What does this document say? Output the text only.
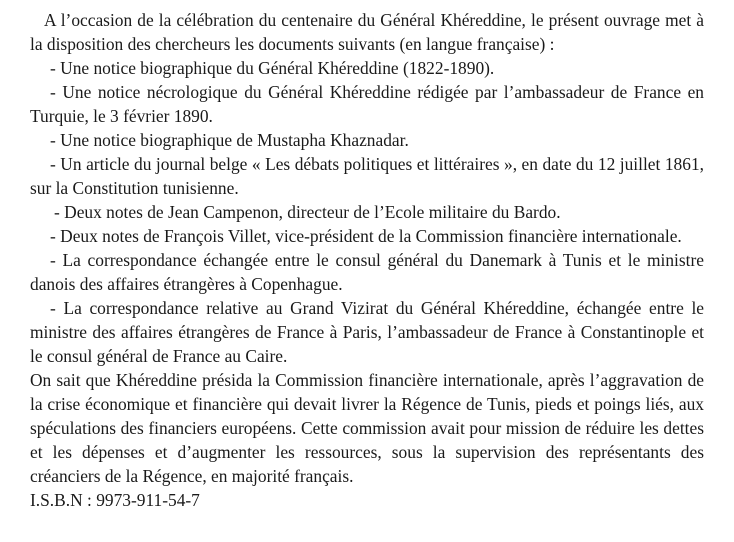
A l’occasion de la célébration du centenaire du Général Khéreddine, le présent ouvrage met à la disposition des chercheurs les documents suivants (en langue française) :

- Une notice biographique du Général Khéreddine (1822-1890).

- Une notice nécrologique du Général Khéreddine rédigée par l’ambassadeur de France en Turquie, le 3 février 1890.

- Une notice biographique de Mustapha Khaznadar.

- Un article du journal belge « Les débats politiques et littéraires », en date du 12 juillet 1861, sur la Constitution tunisienne.

- Deux notes de Jean Campenon, directeur de l’Ecole militaire du Bardo.

- Deux notes de François Villet, vice-président de la Commission financière internationale.

- La correspondance échangée entre le consul général du Danemark à Tunis et le ministre danois des affaires étrangères à Copenhague.

- La correspondance relative au Grand Vizirat du Général Khéreddine, échangée entre le ministre des affaires étrangères de France à Paris, l’ambassadeur de France à Constantinople et le consul général de France au Caire.

On sait que Khéreddine présida la Commission financière internationale, après l’aggravation de la crise économique et financière qui devait livrer la Régence de Tunis, pieds et poings liés, aux spéculations des financiers européens. Cette commission avait pour mission de réduire les dettes et les dépenses et d’augmenter les ressources, sous la supervision des représentants des créanciers de la Régence, en majorité français.

I.S.B.N : 9973-911-54-7
